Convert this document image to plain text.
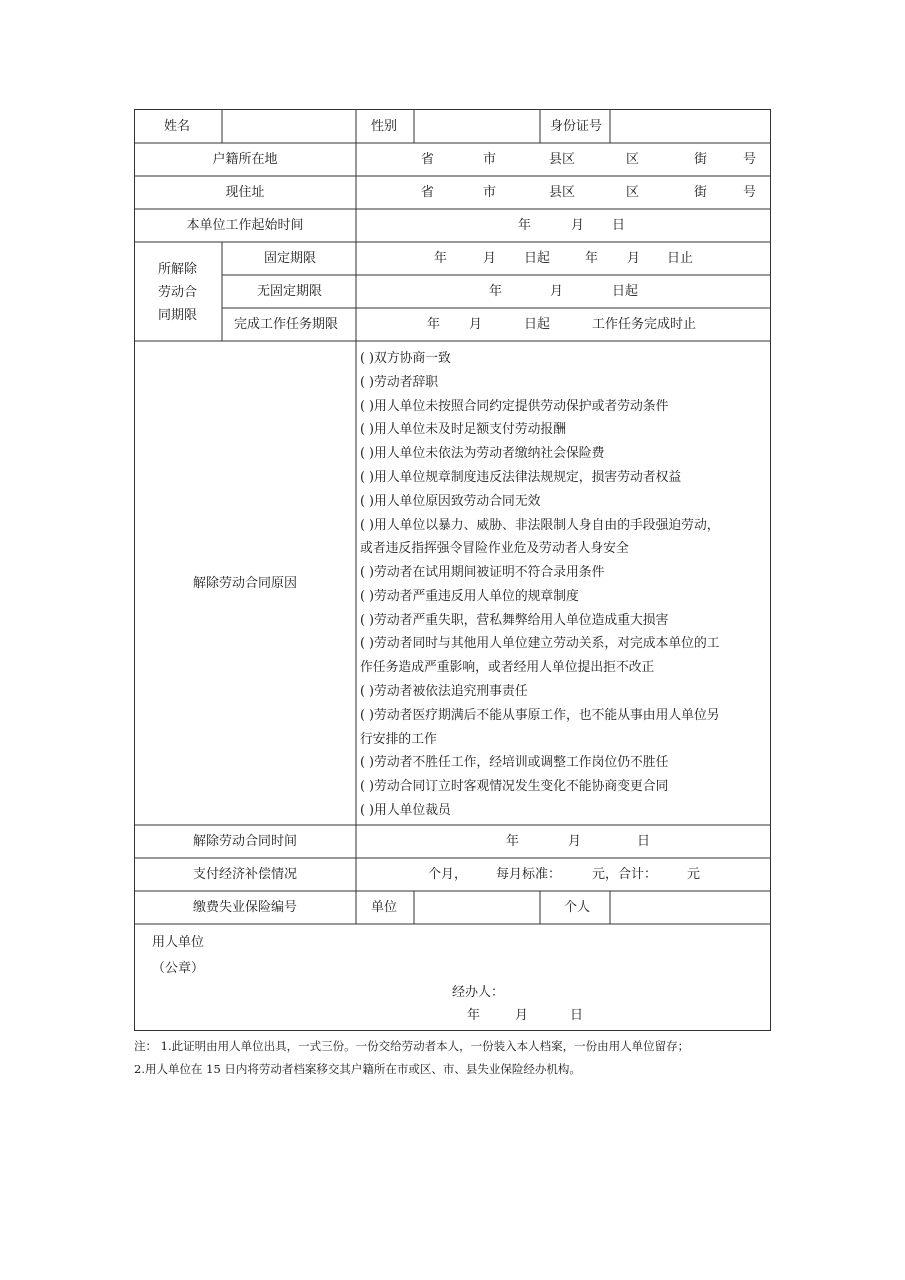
姓名	性别	身份证号
户籍所在地	省	市	县区	区	街	号
现住址	省	市	县区	区	街	号
本单位工作起始时间	年	月 日
所解除
劳动合
同期限
固定期限	年	月 日起	年 月 日止
无固定期限	年	月	日起
完成工作任务期限	年 月	日起	工作任务完成时止
解除劳动合同原因
( )双方协商一致
( )劳动者辞职
( )用人单位未按照合同约定提供劳动保护或者劳动条件
( )用人单位未及时足额支付劳动报酬
( )用人单位未依法为劳动者缴纳社会保险费
( )用人单位规章制度违反法律法规规定，损害劳动者权益
( )用人单位原因致劳动合同无效
( )用人单位以暴力、威胁、非法限制人身自由的手段强迫劳动，
或者违反指挥强令冒险作业危及劳动者人身安全
( )劳动者在试用期间被证明不符合录用条件
( )劳动者严重违反用人单位的规章制度
( )劳动者严重失职，营私舞弊给用人单位造成重大损害
( )劳动者同时与其他用人单位建立劳动关系，对完成本单位的工
作任务造成严重影响，或者经用人单位提出拒不改正
( )劳动者被依法追究刑事责任
( )劳动者医疗期满后不能从事原工作，也不能从事由用人单位另
行安排的工作
( )劳动者不胜任工作，经培训或调整工作岗位仍不胜任
( )劳动合同订立时客观情况发生变化不能协商变更合同
( )用人单位裁员
解除劳动合同时间	年	月	日
支付经济补偿情况	个月， 每月标准： 元，合计： 元
缴费失业保险编号	单位	个人
用人单位
（公章）
经办人：
年	月	日
注： 1.此证明由用人单位出具，一式三份。一份交给劳动者本人，一份装入本人档案，一份由用人单位留存；
2.用人单位在 15 日内将劳动者档案移交其户籍所在市或区、市、县失业保险经办机构。
